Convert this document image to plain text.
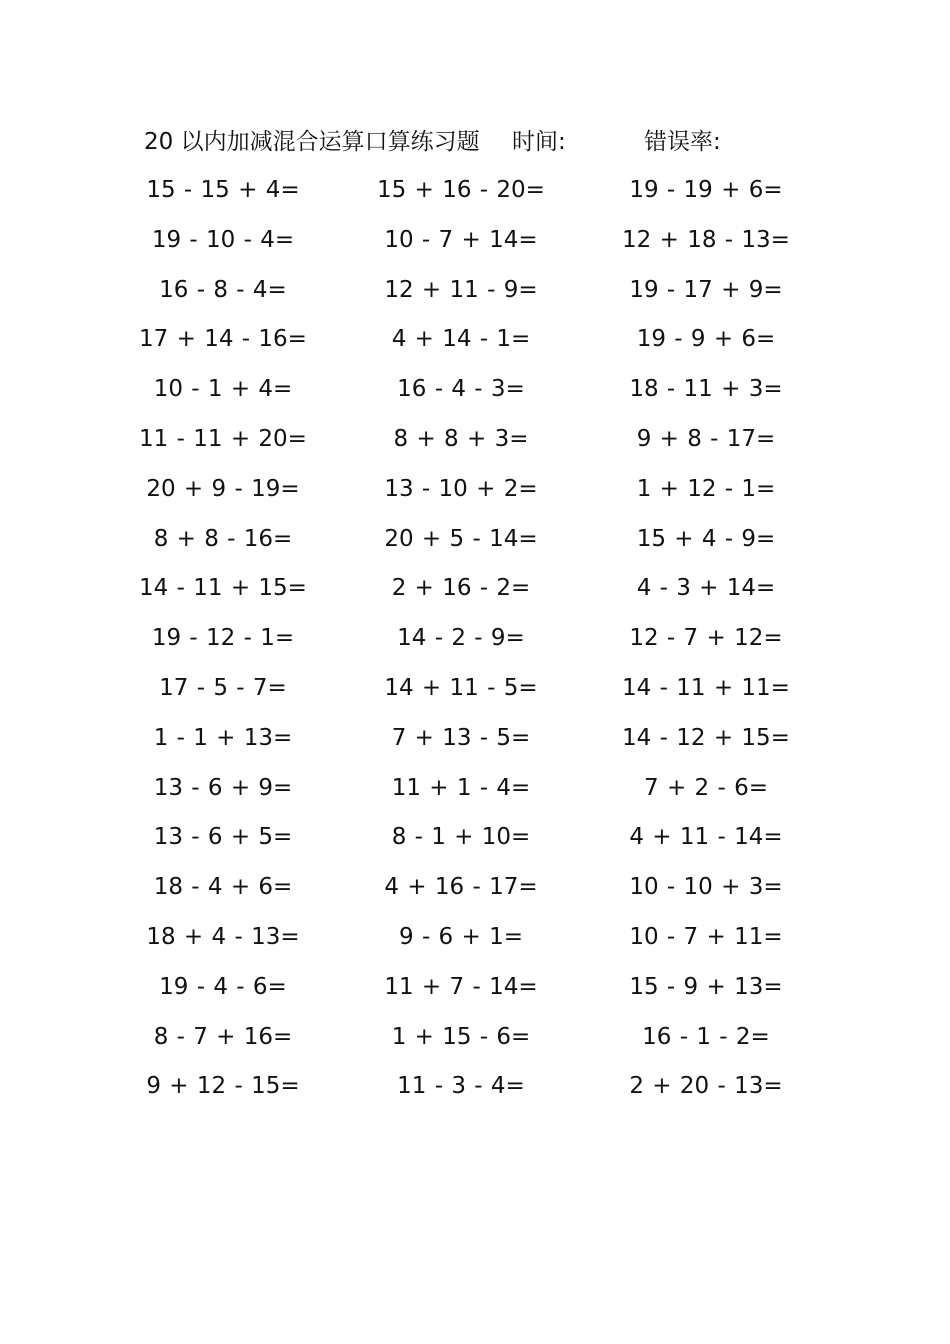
20 以内加减混合运算口算练习题 时间:	错误率:
15 - 15 + 4=	15 + 16 - 20=	19 - 19 + 6=
19 - 10 - 4=	10 - 7 + 14=	12 + 18 - 13=
16 - 8 - 4=	12 + 11 - 9=	19 - 17 + 9=
17 + 14 - 16=	4 + 14 - 1=	19 - 9 + 6=
10 - 1 + 4=	16 - 4 - 3=	18 - 11 + 3=
11 - 11 + 20=	8 + 8 + 3=	9 + 8 - 17=
20 + 9 - 19=	13 - 10 + 2=	1 + 12 - 1=
8 + 8 - 16=	20 + 5 - 14=	15 + 4 - 9=
14 - 11 + 15=	2 + 16 - 2=	4 - 3 + 14=
19 - 12 - 1=	14 - 2 - 9=	12 - 7 + 12=
17 - 5 - 7=	14 + 11 - 5=	14 - 11 + 11=
1 - 1 + 13=	7 + 13 - 5=	14 - 12 + 15=
13 - 6 + 9=	11 + 1 - 4=	7 + 2 - 6=
13 - 6 + 5=	8 - 1 + 10=	4 + 11 - 14=
18 - 4 + 6=	4 + 16 - 17=	10 - 10 + 3=
18 + 4 - 13=	9 - 6 + 1=	10 - 7 + 11=
19 - 4 - 6=	11 + 7 - 14=	15 - 9 + 13=
8 - 7 + 16=	1 + 15 - 6=	16 - 1 - 2=
9 + 12 - 15=	11 - 3 - 4=	2 + 20 - 13=
